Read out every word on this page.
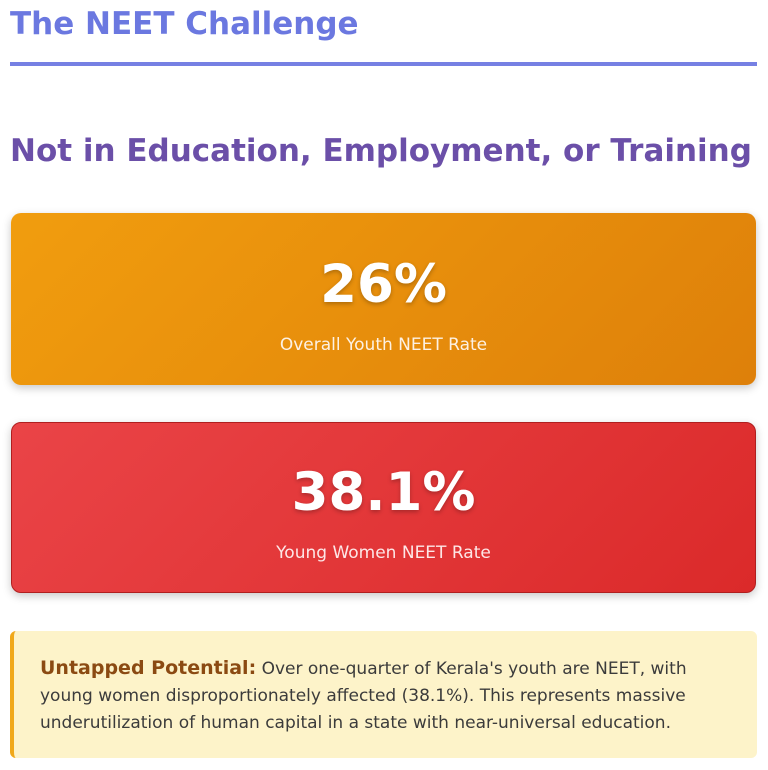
The NEET Challenge
Not in Education, Employment, or Training
26%
Overall Youth NEET Rate
38.1%
Young Women NEET Rate

Untapped Potential: Over one-quarter of Kerala's youth are NEET, with young women disproportionately affected (38.1%). This represents massive underutilization of human capital in a state with near-universal education.
